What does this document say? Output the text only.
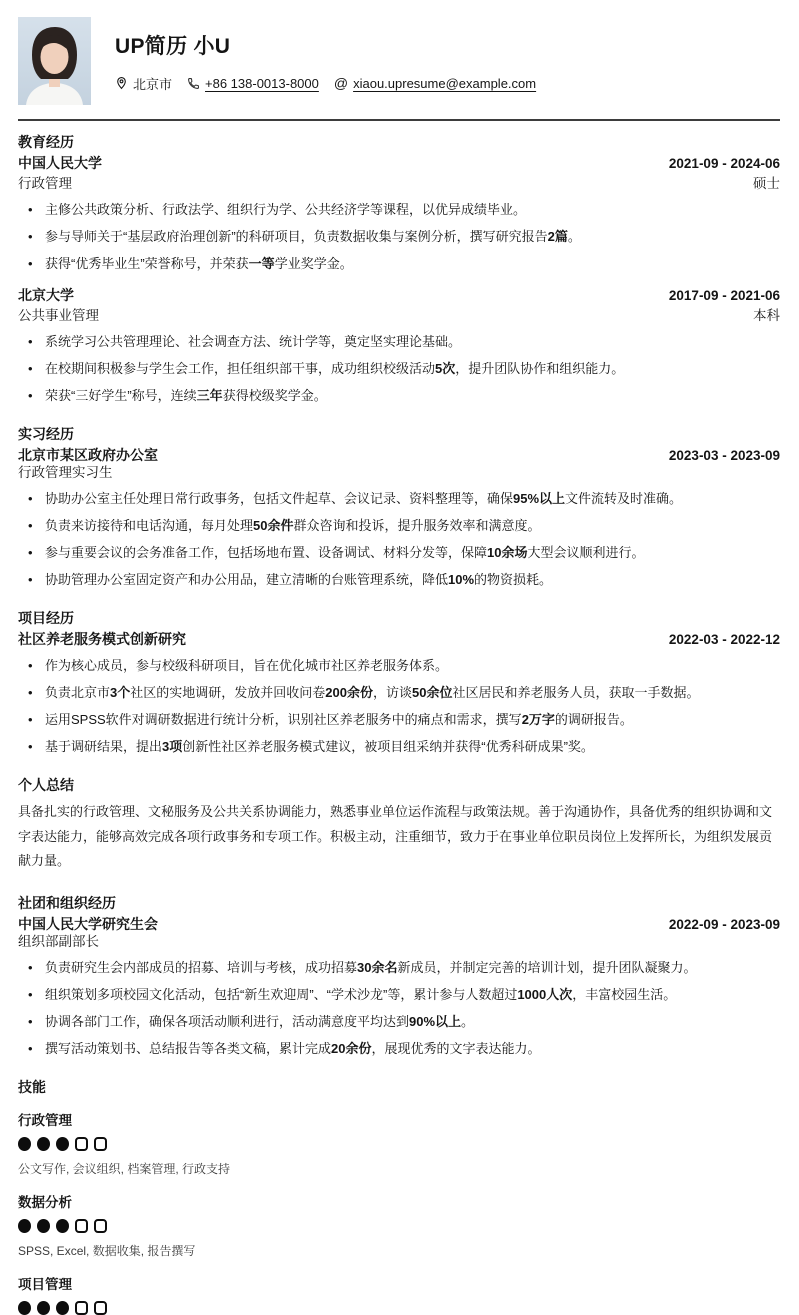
UP简历 小U
北京市	+86 138-0013-8000 @ xiaou.upresume@example.com
教育经历
中国人民大学	2021-09 - 2024-06
行政管理	硕士
• 主修公共政策分析、行政法学、组织行为学、公共经济学等课程，以优异成绩毕业。
• 参与导师关于“基层政府治理创新”的科研项目，负责数据收集与案例分析，撰写研究报告2篇。
• 获得“优秀毕业生”荣誉称号，并荣获一等学业奖学金。
北京大学	2017-09 - 2021-06
公共事业管理	本科
• 系统学习公共管理理论、社会调查方法、统计学等，奠定坚实理论基础。
• 在校期间积极参与学生会工作，担任组织部干事，成功组织校级活动5次，提升团队协作和组织能力。
• 荣获“三好学生”称号，连续三年获得校级奖学金。
实习经历
北京市某区政府办公室	2023-03 - 2023-09
行政管理实习生
• 协助办公室主任处理日常行政事务，包括文件起草、会议记录、资料整理等，确保95%以上文件流转及时准确。
• 负责来访接待和电话沟通，每月处理50余件群众咨询和投诉，提升服务效率和满意度。
• 参与重要会议的会务准备工作，包括场地布置、设备调试、材料分发等，保障10余场大型会议顺利进行。
• 协助管理办公室固定资产和办公用品，建立清晰的台账管理系统，降低10%的物资损耗。
项目经历
社区养老服务模式创新研究	2022-03 - 2022-12
• 作为核心成员，参与校级科研项目，旨在优化城市社区养老服务体系。
• 负责北京市3个社区的实地调研，发放并回收问卷200余份，访谈50余位社区居民和养老服务人员，获取一手数据。
• 运用SPSS软件对调研数据进行统计分析，识别社区养老服务中的痛点和需求，撰写2万字的调研报告。
• 基于调研结果，提出3项创新性社区养老服务模式建议，被项目组采纳并获得“优秀科研成果”奖。
个人总结
具备扎实的行政管理、文秘服务及公共关系协调能力，熟悉事业单位运作流程与政策法规。善于沟通协作，具备优秀的组织协调和文字表达能力，能够高效完成各项行政事务和专项工作。积极主动，注重细节，致力于在事业单位职员岗位上发挥所长，为组织发展贡献力量。
社团和组织经历
中国人民大学研究生会	2022-09 - 2023-09
组织部副部长
• 负责研究生会内部成员的招募、培训与考核，成功招募30余名新成员，并制定完善的培训计划，提升团队凝聚力。
• 组织策划多项校园文化活动，包括“新生欢迎周”、“学术沙龙”等，累计参与人数超过1000人次，丰富校园生活。
• 协调各部门工作，确保各项活动顺利进行，活动满意度平均达到90%以上。
• 撰写活动策划书、总结报告等各类文稿，累计完成20余份，展现优秀的文字表达能力。
技能
行政管理
公文写作, 会议组织, 档案管理, 行政支持
数据分析
SPSS, Excel, 数据收集, 报告撰写
项目管理
